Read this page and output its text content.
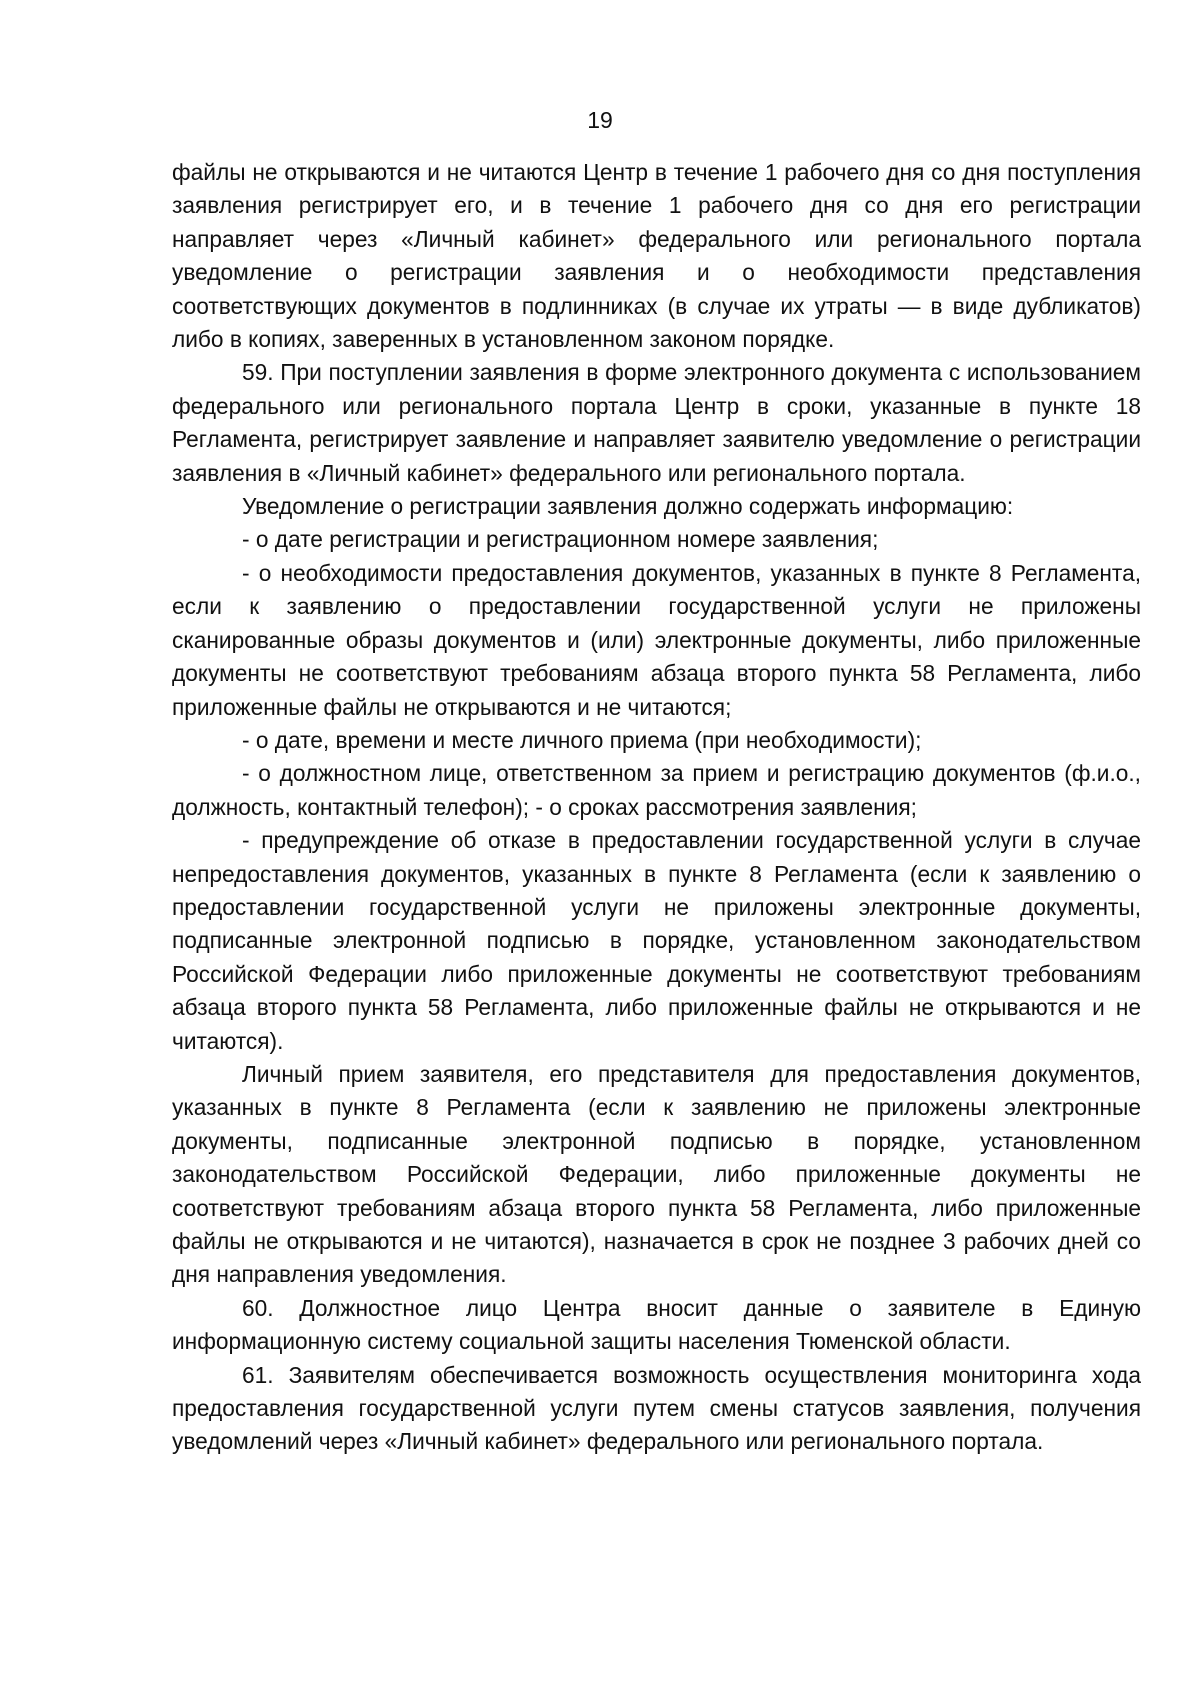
19

файлы не открываются и не читаются Центр в течение 1 рабочего дня со дня поступления заявления регистрирует его, и в течение 1 рабочего дня со дня его регистрации направляет через «Личный кабинет» федерального или регионального портала уведомление о регистрации заявления и о необходимости представления соответствующих документов в подлинниках (в случае их утраты — в виде дубликатов) либо в копиях, заверенных в установленном законом порядке.

59. При поступлении заявления в форме электронного документа с использованием федерального или регионального портала Центр в сроки, указанные в пункте 18 Регламента, регистрирует заявление и направляет заявителю уведомление о регистрации заявления в «Личный кабинет» федерального или регионального портала.

Уведомление о регистрации заявления должно содержать информацию:

- о дате регистрации и регистрационном номере заявления;

- о необходимости предоставления документов, указанных в пункте 8 Регламента, если к заявлению о предоставлении государственной услуги не приложены сканированные образы документов и (или) электронные документы, либо приложенные документы не соответствуют требованиям абзаца второго пункта 58 Регламента, либо приложенные файлы не открываются и не читаются;

- о дате, времени и месте личного приема (при необходимости);

- о должностном лице, ответственном за прием и регистрацию документов (ф.и.о., должность, контактный телефон); - о сроках рассмотрения заявления;

- предупреждение об отказе в предоставлении государственной услуги в случае непредоставления документов, указанных в пункте 8 Регламента (если к заявлению о предоставлении государственной услуги не приложены электронные документы, подписанные электронной подписью в порядке, установленном законодательством Российской Федерации либо приложенные документы не соответствуют требованиям абзаца второго пункта 58 Регламента, либо приложенные файлы не открываются и не читаются).

Личный прием заявителя, его представителя для предоставления документов, указанных в пункте 8 Регламента (если к заявлению не приложены электронные документы, подписанные электронной подписью в порядке, установленном законодательством Российской Федерации, либо приложенные документы не соответствуют требованиям абзаца второго пункта 58 Регламента, либо приложенные файлы не открываются и не читаются), назначается в срок не позднее 3 рабочих дней со дня направления уведомления.

60. Должностное лицо Центра вносит данные о заявителе в Единую информационную систему социальной защиты населения Тюменской области.

61. Заявителям обеспечивается возможность осуществления мониторинга хода предоставления государственной услуги путем смены статусов заявления, получения уведомлений через «Личный кабинет» федерального или регионального портала.
